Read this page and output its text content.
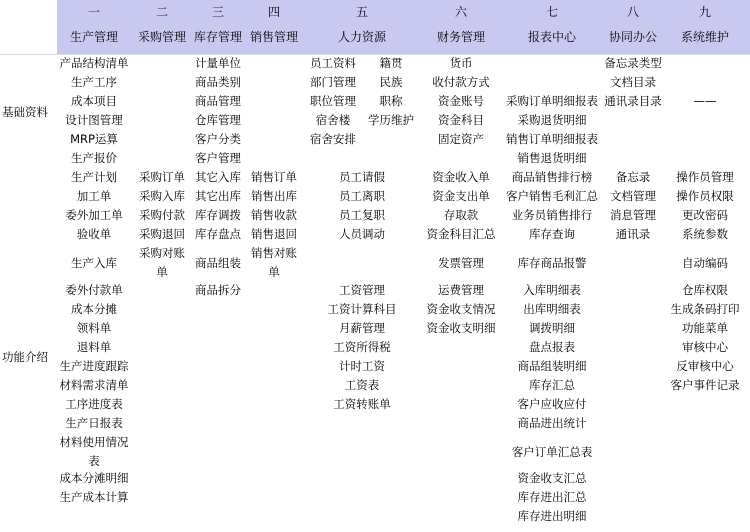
基础资料
功能介绍
一
生产管理
二
采购管理
三
库存管理
四
销售管理
五
人力资源
六
财务管理
七
报表中心
八
协同办公
九
系统维护
产品结构清单
生产工序
成本项目
设计图管理
MRP运算
生产报价
生产计划
加工单
委外加工单
验收单
生产入库
委外付款单
成本分摊
领料单
退料单
生产进度跟踪
材料需求清单
工序进度表
生产日报表
材料使用情况
表
成本分滩明细
生产成本计算
采购订单
采购入库
采购付款
采购退回
采购对账
单
计量单位
商品类别
商品管理
仓库管理
客户分类
客户管理
其它入库
其它出库
库存调拨
库存盘点
商品组装
商品拆分
销售订单
销售出库
销售收款
销售退回
销售对账
单
员工资料
部门管理
职位管理
宿舍楼
宿舍安排
籍贯
民族
职称
学历维护
员工请假
员工离职
员工复职
人员调动
工资管理
工资计算科目
月薪管理
工资所得税
计时工资
工资表
工资转账单
货币
收付款方式
资金账号
资金科目
固定资产
资金收入单
资金支出单
存取款
资金科目汇总
发票管理
运费管理
资金收支情况
资金收支明细
采购订单明细报表
采购退货明细
销售订单明细报表
销售退货明细
商品销售排行榜
客户销售毛利汇总
业务员销售排行
库存查询
库存商品报警
入库明细表
出库明细表
调拨明细
盘点报表
商品组装明细
库存汇总
客户应收应付
商品进出统计
客户订单汇总表
资金收支汇总
库存进出汇总
库存进出明细
备忘录类型
文档目录
通讯录目录
备忘录
文档管理
消息管理
通讯录
——
操作员管理
操作员权限
更改密码
系统参数
自动编码
仓库权限
生成条码打印
功能菜单
审核中心
反审核中心
客户事件记录
